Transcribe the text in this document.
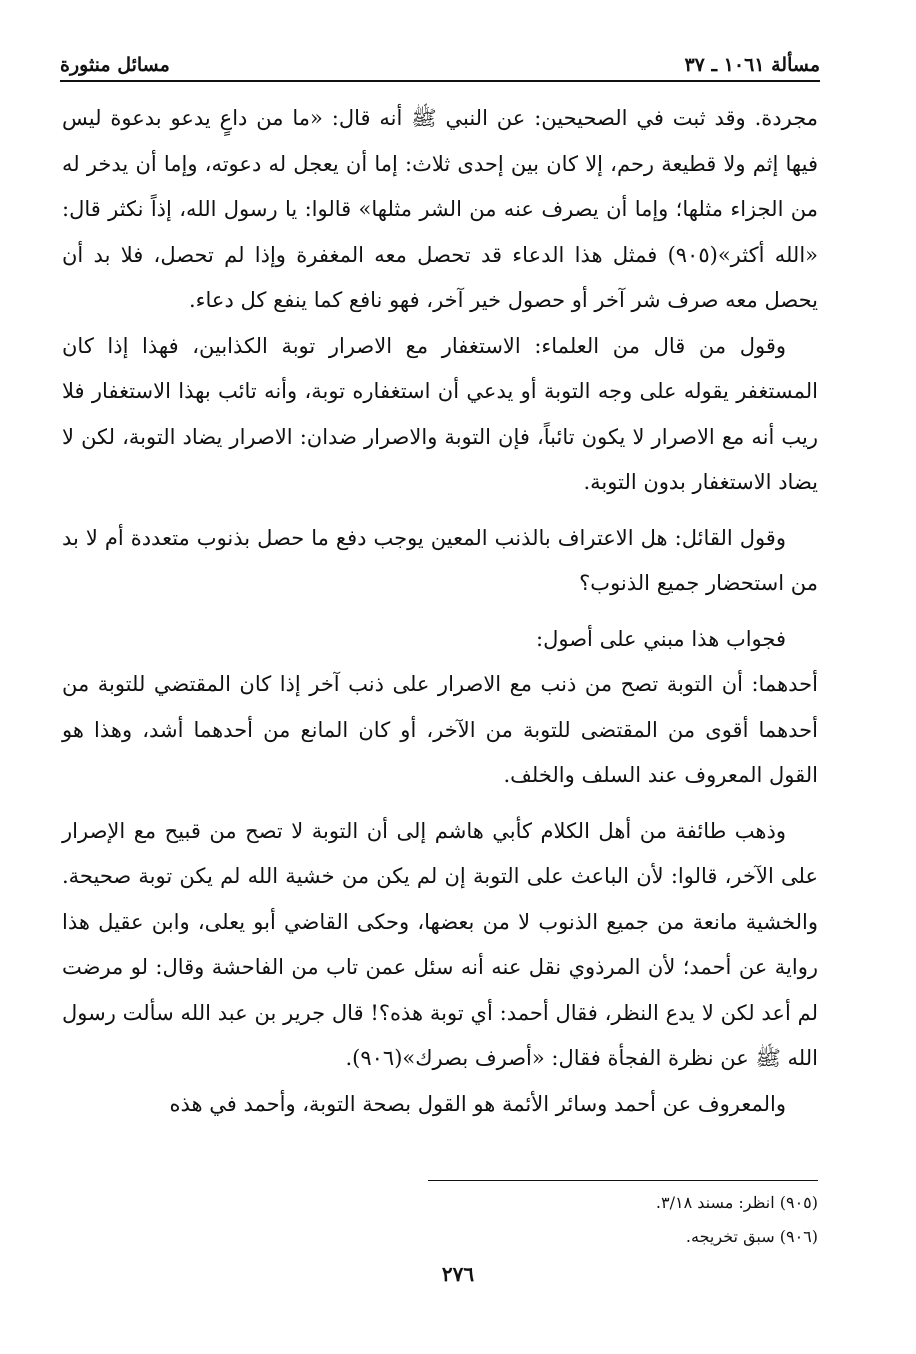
مسألة ١٠٦١ ـ ٣٧
مسائل منثورة

مجردة. وقد ثبت في الصحيحين: عن النبي ﷺ أنه قال: «ما من داعٍ يدعو بدعوة ليس فيها إثم ولا قطيعة رحم، إلا كان بين إحدى ثلاث: إما أن يعجل له دعوته، وإما أن يدخر له من الجزاء مثلها؛ وإما أن يصرف عنه من الشر مثلها» قالوا: يا رسول الله، إذاً نكثر قال: «الله أكثر»(٩٠٥) فمثل هذا الدعاء قد تحصل معه المغفرة وإذا لم تحصل، فلا بد أن يحصل معه صرف شر آخر أو حصول خير آخر، فهو نافع كما ينفع كل دعاء.

وقول من قال من العلماء: الاستغفار مع الاصرار توبة الكذابين، فهذا إذا كان المستغفر يقوله على وجه التوبة أو يدعي أن استغفاره توبة، وأنه تائب بهذا الاستغفار فلا ريب أنه مع الاصرار لا يكون تائباً، فإن التوبة والاصرار ضدان: الاصرار يضاد التوبة، لكن لا يضاد الاستغفار بدون التوبة.

وقول القائل: هل الاعتراف بالذنب المعين يوجب دفع ما حصل بذنوب متعددة أم لا بد من استحضار جميع الذنوب؟

فجواب هذا مبني على أصول:

أحدهما: أن التوبة تصح من ذنب مع الاصرار على ذنب آخر إذا كان المقتضي للتوبة من أحدهما أقوى من المقتضى للتوبة من الآخر، أو كان المانع من أحدهما أشد، وهذا هو القول المعروف عند السلف والخلف.

وذهب طائفة من أهل الكلام كأبي هاشم إلى أن التوبة لا تصح من قبيح مع الإصرار على الآخر، قالوا: لأن الباعث على التوبة إن لم يكن من خشية الله لم يكن توبة صحيحة. والخشية مانعة من جميع الذنوب لا من بعضها، وحكى القاضي أبو يعلى، وابن عقيل هذا رواية عن أحمد؛ لأن المرذوي نقل عنه أنه سئل عمن تاب من الفاحشة وقال: لو مرضت لم أعد لكن لا يدع النظر، فقال أحمد: أي توبة هذه؟! قال جرير بن عبد الله سألت رسول الله ﷺ عن نظرة الفجأة فقال: «أصرف بصرك»(٩٠٦).

والمعروف عن أحمد وسائر الأئمة هو القول بصحة التوبة، وأحمد في هذه

(٩٠٥) انظر: مسند ٣/١٨.
(٩٠٦) سبق تخريجه.
٢٧٦
